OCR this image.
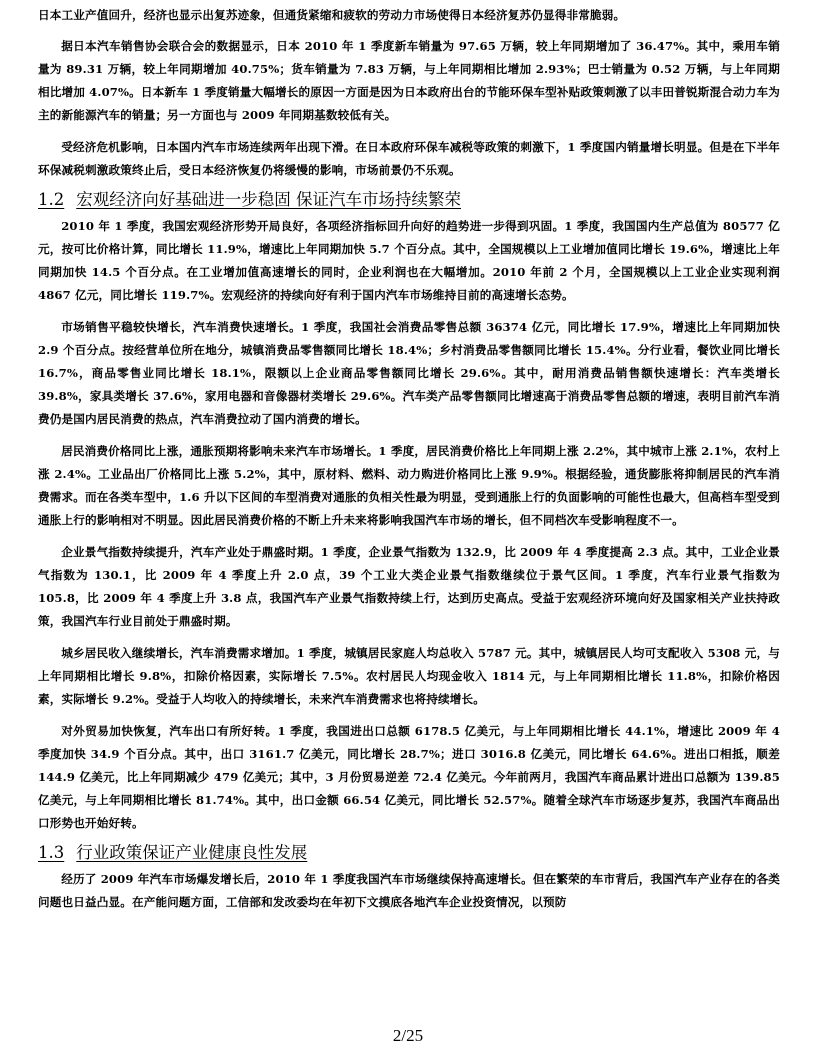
日本工业产值回升，经济也显示出复苏迹象，但通货紧缩和疲软的劳动力市场使得日本经济复苏仍显得非常脆弱。

据日本汽车销售协会联合会的数据显示，日本 2010 年 1 季度新车销量为 97.65 万辆，较上年同期增加了 36.47%。其中，乘用车销量为 89.31 万辆，较上年同期增加 40.75%；货车销量为 7.83 万辆，与上年同期相比增加 2.93%；巴士销量为 0.52 万辆，与上年同期相比增加 4.07%。日本新车 1 季度销量大幅增长的原因一方面是因为日本政府出台的节能环保车型补贴政策刺激了以丰田普锐斯混合动力车为主的新能源汽车的销量；另一方面也与 2009 年同期基数较低有关。

受经济危机影响，日本国内汽车市场连续两年出现下滑。在日本政府环保车减税等政策的刺激下，1 季度国内销量增长明显。但是在下半年环保减税刺激政策终止后，受日本经济恢复仍将缓慢的影响，市场前景仍不乐观。

1.2 宏观经济向好基础进一步稳固 保证汽车市场持续繁荣

2010 年 1 季度，我国宏观经济形势开局良好，各项经济指标回升向好的趋势进一步得到巩固。1 季度，我国国内生产总值为 80577 亿元，按可比价格计算，同比增长 11.9%，增速比上年同期加快 5.7 个百分点。其中，全国规模以上工业增加值同比增长 19.6%，增速比上年同期加快 14.5 个百分点。在工业增加值高速增长的同时，企业利润也在大幅增加。2010 年前 2 个月，全国规模以上工业企业实现利润 4867 亿元，同比增长 119.7%。宏观经济的持续向好有利于国内汽车市场维持目前的高速增长态势。

市场销售平稳较快增长，汽车消费快速增长。1 季度，我国社会消费品零售总额 36374 亿元，同比增长 17.9%，增速比上年同期加快 2.9 个百分点。按经营单位所在地分，城镇消费品零售额同比增长 18.4%；乡村消费品零售额同比增长 15.4%。分行业看，餐饮业同比增长 16.7%，商品零售业同比增长 18.1%，限额以上企业商品零售额同比增长 29.6%。其中，耐用消费品销售额快速增长：汽车类增长 39.8%，家具类增长 37.6%，家用电器和音像器材类增长 29.6%。汽车类产品零售额同比增速高于消费品零售总额的增速，表明目前汽车消费仍是国内居民消费的热点，汽车消费拉动了国内消费的增长。

居民消费价格同比上涨，通胀预期将影响未来汽车市场增长。1 季度，居民消费价格比上年同期上涨 2.2%，其中城市上涨 2.1%，农村上涨 2.4%。工业品出厂价格同比上涨 5.2%，其中，原材料、燃料、动力购进价格同比上涨 9.9%。根据经验，通货膨胀将抑制居民的汽车消费需求。而在各类车型中，1.6 升以下区间的车型消费对通胀的负相关性最为明显，受到通胀上行的负面影响的可能性也最大，但高档车型受到通胀上行的影响相对不明显。因此居民消费价格的不断上升未来将影响我国汽车市场的增长，但不同档次车受影响程度不一。

企业景气指数持续提升，汽车产业处于鼎盛时期。1 季度，企业景气指数为 132.9，比 2009 年 4 季度提高 2.3 点。其中，工业企业景气指数为 130.1，比 2009 年 4 季度上升 2.0 点，39 个工业大类企业景气指数继续位于景气区间。1 季度，汽车行业景气指数为 105.8，比 2009 年 4 季度上升 3.8 点，我国汽车产业景气指数持续上行，达到历史高点。受益于宏观经济环境向好及国家相关产业扶持政策，我国汽车行业目前处于鼎盛时期。

城乡居民收入继续增长，汽车消费需求增加。1 季度，城镇居民家庭人均总收入 5787 元。其中，城镇居民人均可支配收入 5308 元，与上年同期相比增长 9.8%，扣除价格因素，实际增长 7.5%。农村居民人均现金收入 1814 元，与上年同期相比增长 11.8%，扣除价格因素，实际增长 9.2%。受益于人均收入的持续增长，未来汽车消费需求也将持续增长。

对外贸易加快恢复，汽车出口有所好转。1 季度，我国进出口总额 6178.5 亿美元，与上年同期相比增长 44.1%，增速比 2009 年 4 季度加快 34.9 个百分点。其中，出口 3161.7 亿美元，同比增长 28.7%；进口 3016.8 亿美元，同比增长 64.6%。进出口相抵，顺差 144.9 亿美元，比上年同期减少 479 亿美元；其中，3 月份贸易逆差 72.4 亿美元。今年前两月，我国汽车商品累计进出口总额为 139.85 亿美元，与上年同期相比增长 81.74%。其中，出口金额 66.54 亿美元，同比增长 52.57%。随着全球汽车市场逐步复苏，我国汽车商品出口形势也开始好转。

1.3 行业政策保证产业健康良性发展

经历了 2009 年汽车市场爆发增长后，2010 年 1 季度我国汽车市场继续保持高速增长。但在繁荣的车市背后，我国汽车产业存在的各类问题也日益凸显。在产能问题方面，工信部和发改委均在年初下文摸底各地汽车企业投资情况，以预防

2/25
